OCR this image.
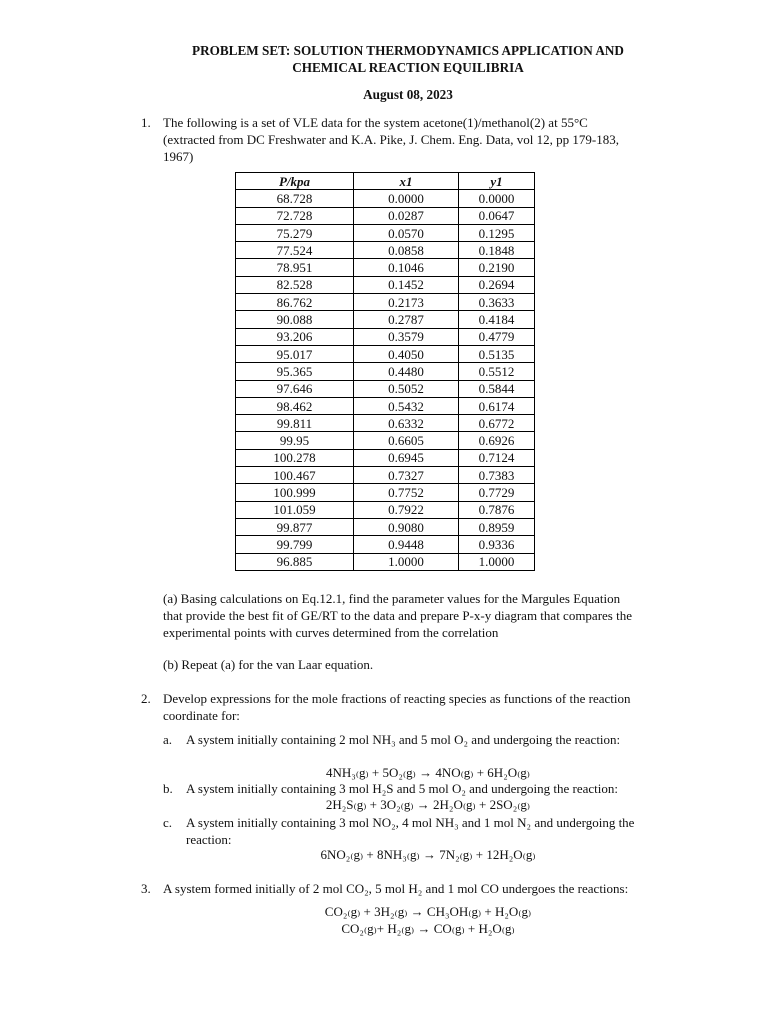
PROBLEM SET: SOLUTION THERMODYNAMICS APPLICATION AND
CHEMICAL REACTION EQUILIBRIA
August 08, 2023
1. The following is a set of VLE data for the system acetone(1)/methanol(2) at 55°C
(extracted from DC Freshwater and K.A. Pike, J. Chem. Eng. Data, vol 12, pp 179-183,
1967)
P/kpa	x1	y1
68.728	0.0000	0.0000
72.728	0.0287	0.0647
75.279	0.0570	0.1295
77.524	0.0858	0.1848
78.951	0.1046	0.2190
82.528	0.1452	0.2694
86.762	0.2173	0.3633
90.088	0.2787	0.4184
93.206	0.3579	0.4779
95.017	0.4050	0.5135
95.365	0.4480	0.5512
97.646	0.5052	0.5844
98.462	0.5432	0.6174
99.811	0.6332	0.6772
99.95	0.6605	0.6926
100.278	0.6945	0.7124
100.467	0.7327	0.7383
100.999	0.7752	0.7729
101.059	0.7922	0.7876
99.877	0.9080	0.8959
99.799	0.9448	0.9336
96.885	1.0000	1.0000
(a) Basing calculations on Eq.12.1, find the parameter values for the Margules Equation
that provide the best fit of GE/RT to the data and prepare P-x-y diagram that compares the
experimental points with curves determined from the correlation
(b) Repeat (a) for the van Laar equation.
2. Develop expressions for the mole fractions of reacting species as functions of the reaction
coordinate for:
a. A system initially containing 2 mol NH₃ and 5 mol O₂ and undergoing the reaction:
4NH₃₍g₎ + 5O₂₍g₎ → 4NO₍g₎ + 6H₂O₍g₎
b. A system initially containing 3 mol H₂S and 5 mol O₂ and undergoing the reaction:
2H₂S₍g₎ + 3O₂₍g₎ → 2H₂O₍g₎ + 2SO₂₍g₎
c. A system initially containing 3 mol NO₂, 4 mol NH₃ and 1 mol N₂ and undergoing the
reaction:
6NO₂₍g₎ + 8NH₃₍g₎ → 7N₂₍g₎ + 12H₂O₍g₎
3. A system formed initially of 2 mol CO₂, 5 mol H₂ and 1 mol CO undergoes the reactions:
CO₂₍g₎ + 3H₂₍g₎ → CH₃OH₍g₎ + H₂O₍g₎
CO₂₍g₎+ H₂₍g₎ → CO₍g₎ + H₂O₍g₎
